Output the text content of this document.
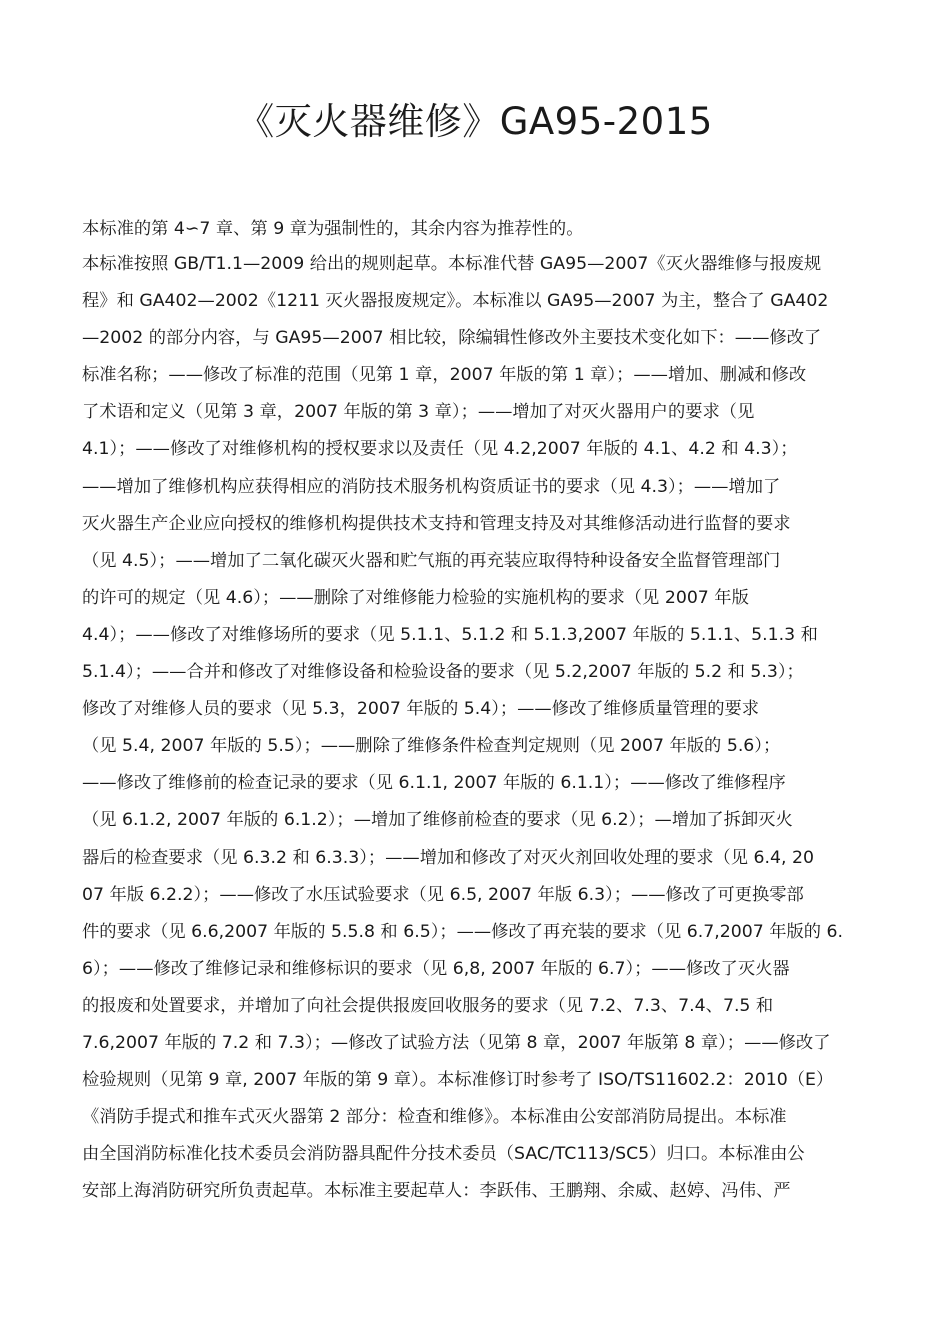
《灭火器维修》GA95-2015
本标准的第 4∽7 章、第 9 章为强制性的，其余内容为推荐性的。
本标准按照 GB/T1.1—2009 给出的规则起草。本标准代替 GA95—2007《灭火器维修与报废规
程》和 GA402—2002《1211 灭火器报废规定》。本标准以 GA95—2007 为主，整合了 GA402
—2002 的部分内容，与 GA95—2007 相比较，除编辑性修改外主要技术变化如下：——修改了
标准名称；——修改了标准的范围（见第 1 章，2007 年版的第 1 章）；——增加、删减和修改
了术语和定义（见第 3 章，2007 年版的第 3 章）；——增加了对灭火器用户的要求（见
4.1）；——修改了对维修机构的授权要求以及责任（见 4.2,2007 年版的 4.1、4.2 和 4.3）；
——增加了维修机构应获得相应的消防技术服务机构资质证书的要求（见 4.3）；——增加了
灭火器生产企业应向授权的维修机构提供技术支持和管理支持及对其维修活动进行监督的要求
（见 4.5）；——增加了二氧化碳灭火器和贮气瓶的再充装应取得特种设备安全监督管理部门
的许可的规定（见 4.6）；——删除了对维修能力检验的实施机构的要求（见 2007 年版
4.4）；——修改了对维修场所的要求（见 5.1.1、5.1.2 和 5.1.3,2007 年版的 5.1.1、5.1.3 和
5.1.4）；——合并和修改了对维修设备和检验设备的要求（见 5.2,2007 年版的 5.2 和 5.3）；
修改了对维修人员的要求（见 5.3，2007 年版的 5.4）；——修改了维修质量管理的要求
（见 5.4, 2007 年版的 5.5）；——删除了维修条件检查判定规则（见 2007 年版的 5.6）；
——修改了维修前的检查记录的要求（见 6.1.1, 2007 年版的 6.1.1）；——修改了维修程序
（见 6.1.2, 2007 年版的 6.1.2）；—增加了维修前检查的要求（见 6.2）；—增加了拆卸灭火
器后的检查要求（见 6.3.2 和 6.3.3）；——增加和修改了对灭火剂回收处理的要求（见 6.4, 20
07 年版 6.2.2）；——修改了水压试验要求（见 6.5, 2007 年版 6.3）；——修改了可更换零部
件的要求（见 6.6,2007 年版的 5.5.8 和 6.5）；——修改了再充装的要求（见 6.7,2007 年版的 6.
6）；——修改了维修记录和维修标识的要求（见 6,8, 2007 年版的 6.7）；——修改了灭火器
的报废和处置要求，并增加了向社会提供报废回收服务的要求（见 7.2、7.3、7.4、7.5 和
7.6,2007 年版的 7.2 和 7.3）；—修改了试验方法（见第 8 章，2007 年版第 8 章）；——修改了
检验规则（见第 9 章, 2007 年版的第 9 章）。本标准修订时参考了 ISO/TS11602.2：2010（E）
《消防手提式和推车式灭火器第 2 部分：检查和维修》。本标准由公安部消防局提出。本标准
由全国消防标准化技术委员会消防器具配件分技术委员（SAC/TC113/SC5）归口。本标准由公
安部上海消防研究所负责起草。本标准主要起草人：李跃伟、王鹏翔、余威、赵婷、冯伟、严
